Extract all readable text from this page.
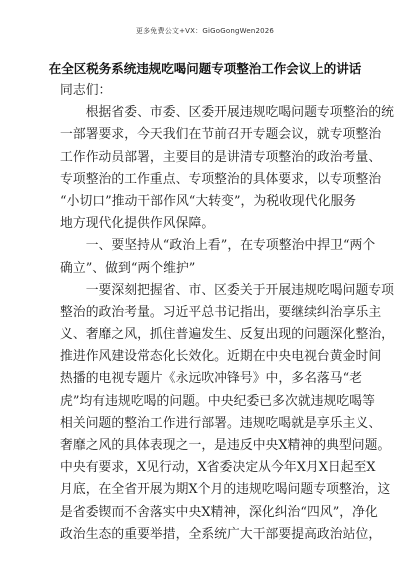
更多免费公文+VX：GiGoGongWen2026
在全区税务系统违规吃喝问题专项整治工作会议上的讲话
同志们：
　　根据省委、市委、区委开展违规吃喝问题专项整治的统
一部署要求，今天我们在节前召开专题会议，就专项整治
工作作动员部署，主要目的是讲清专项整治的政治考量、
专项整治的工作重点、专项整治的具体要求，以专项整治
“小切口”推动干部作风“大转变”，为税收现代化服务
地方现代化提供作风保障。
　　一、要坚持从“政治上看”，在专项整治中捍卫“两个
确立”、做到“两个维护”
　　一要深刻把握省、市、区委关于开展违规吃喝问题专项
整治的政治考量。习近平总书记指出，要继续纠治享乐主
义、奢靡之风，抓住普遍发生、反复出现的问题深化整治，
推进作风建设常态化长效化。近期在中央电视台黄金时间
热播的电视专题片《永远吹冲锋号》中，多名落马“老
虎”均有违规吃喝的问题。中央纪委已多次就违规吃喝等
相关问题的整治工作进行部署。违规吃喝就是享乐主义、
奢靡之风的具体表现之一，是违反中央X精神的典型问题。
中央有要求，X见行动，X省委决定从今年X月X日起至X
月底，在全省开展为期X个月的违规吃喝问题专项整治，这
是省委锲而不舍落实中央X精神，深化纠治“四风”，净化
政治生态的重要举措，全系统广大干部要提高政治站位，
